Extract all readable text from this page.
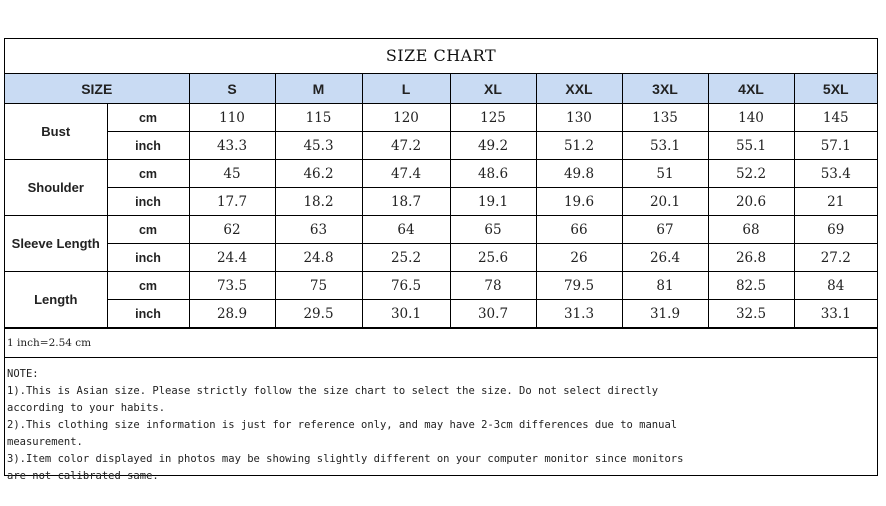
SIZE CHART
SIZE		S	M	L	XL	XXL	3XL	4XL	5XL
Bust	cm	110	115	120	125	130	135	140	145
	inch	43.3	45.3	47.2	49.2	51.2	53.1	55.1	57.1
Shoulder	cm	45	46.2	47.4	48.6	49.8	51	52.2	53.4
	inch	17.7	18.2	18.7	19.1	19.6	20.1	20.6	21
Sleeve Length	cm	62	63	64	65	66	67	68	69
	inch	24.4	24.8	25.2	25.6	26	26.4	26.8	27.2
Length	cm	73.5	75	76.5	78	79.5	81	82.5	84
	inch	28.9	29.5	30.1	30.7	31.3	31.9	32.5	33.1
1 inch=2.54 cm
NOTE:
1).This is Asian size. Please strictly follow the size chart to select the size. Do not select directly
according to your habits.
2).This clothing size information is just for reference only, and may have 2-3cm differences due to manual
measurement.
3).Item color displayed in photos may be showing slightly different on your computer monitor since monitors
are not calibrated same.
